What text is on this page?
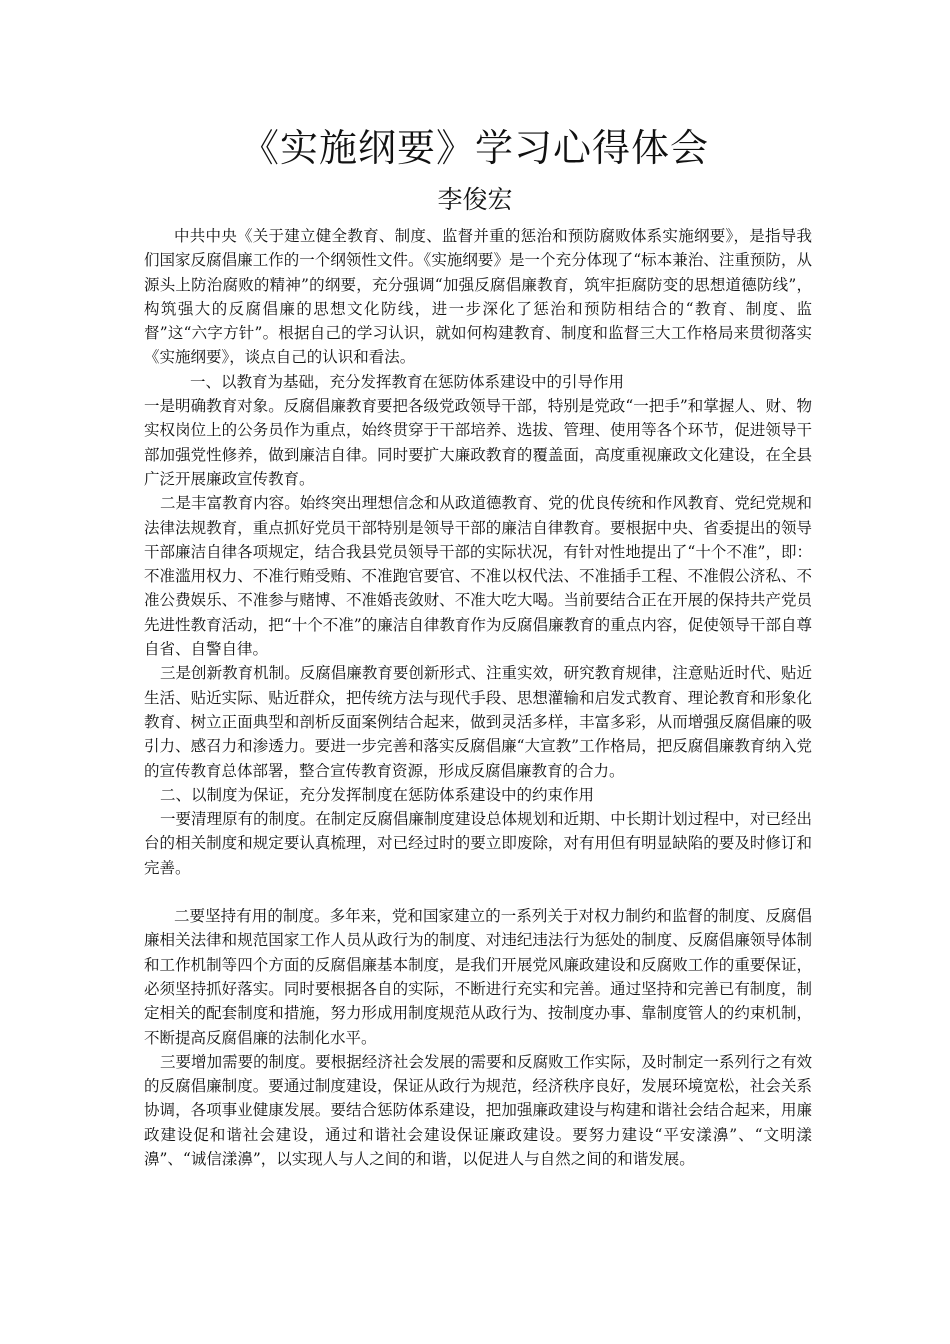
《实施纲要》学习心得体会
李俊宏

中共中央《关于建立健全教育、制度、监督并重的惩治和预防腐败体系实施纲要》，是指导我们国家反腐倡廉工作的一个纲领性文件。《实施纲要》是一个充分体现了“标本兼治、注重预防，从源头上防治腐败的精神”的纲要，充分强调“加强反腐倡廉教育，筑牢拒腐防变的思想道德防线”，构筑强大的反腐倡廉的思想文化防线，进一步深化了惩治和预防相结合的“教育、制度、监督”这“六字方针”。根据自己的学习认识，就如何构建教育、制度和监督三大工作格局来贯彻落实《实施纲要》，谈点自己的认识和看法。

一、以教育为基础，充分发挥教育在惩防体系建设中的引导作用

一是明确教育对象。反腐倡廉教育要把各级党政领导干部，特别是党政“一把手”和掌握人、财、物实权岗位上的公务员作为重点，始终贯穿于干部培养、选拔、管理、使用等各个环节，促进领导干部加强党性修养，做到廉洁自律。同时要扩大廉政教育的覆盖面，高度重视廉政文化建设，在全县广泛开展廉政宣传教育。

二是丰富教育内容。始终突出理想信念和从政道德教育、党的优良传统和作风教育、党纪党规和法律法规教育，重点抓好党员干部特别是领导干部的廉洁自律教育。要根据中央、省委提出的领导干部廉洁自律各项规定，结合我县党员领导干部的实际状况，有针对性地提出了“十个不准”，即：不准滥用权力、不准行贿受贿、不准跑官要官、不准以权代法、不准插手工程、不准假公济私、不准公费娱乐、不准参与赌博、不准婚丧敛财、不准大吃大喝。当前要结合正在开展的保持共产党员先进性教育活动，把“十个不准”的廉洁自律教育作为反腐倡廉教育的重点内容，促使领导干部自尊自省、自警自律。

三是创新教育机制。反腐倡廉教育要创新形式、注重实效，研究教育规律，注意贴近时代、贴近生活、贴近实际、贴近群众，把传统方法与现代手段、思想灌输和启发式教育、理论教育和形象化教育、树立正面典型和剖析反面案例结合起来，做到灵活多样，丰富多彩，从而增强反腐倡廉的吸引力、感召力和渗透力。要进一步完善和落实反腐倡廉“大宣教”工作格局，把反腐倡廉教育纳入党的宣传教育总体部署，整合宣传教育资源，形成反腐倡廉教育的合力。

二、以制度为保证，充分发挥制度在惩防体系建设中的约束作用

一要清理原有的制度。在制定反腐倡廉制度建设总体规划和近期、中长期计划过程中，对已经出台的相关制度和规定要认真梳理，对已经过时的要立即废除，对有用但有明显缺陷的要及时修订和完善。

二要坚持有用的制度。多年来，党和国家建立的一系列关于对权力制约和监督的制度、反腐倡廉相关法律和规范国家工作人员从政行为的制度、对违纪违法行为惩处的制度、反腐倡廉领导体制和工作机制等四个方面的反腐倡廉基本制度，是我们开展党风廉政建设和反腐败工作的重要保证，必须坚持抓好落实。同时要根据各自的实际，不断进行充实和完善。通过坚持和完善已有制度，制定相关的配套制度和措施，努力形成用制度规范从政行为、按制度办事、靠制度管人的约束机制，不断提高反腐倡廉的法制化水平。

三要增加需要的制度。要根据经济社会发展的需要和反腐败工作实际，及时制定一系列行之有效的反腐倡廉制度。要通过制度建设，保证从政行为规范，经济秩序良好，发展环境宽松，社会关系协调，各项事业健康发展。要结合惩防体系建设，把加强廉政建设与构建和谐社会结合起来，用廉政建设促和谐社会建设，通过和谐社会建设保证廉政建设。要努力建设“平安漾濞”、“文明漾濞”、“诚信漾濞”，以实现人与人之间的和谐，以促进人与自然之间的和谐发展。
